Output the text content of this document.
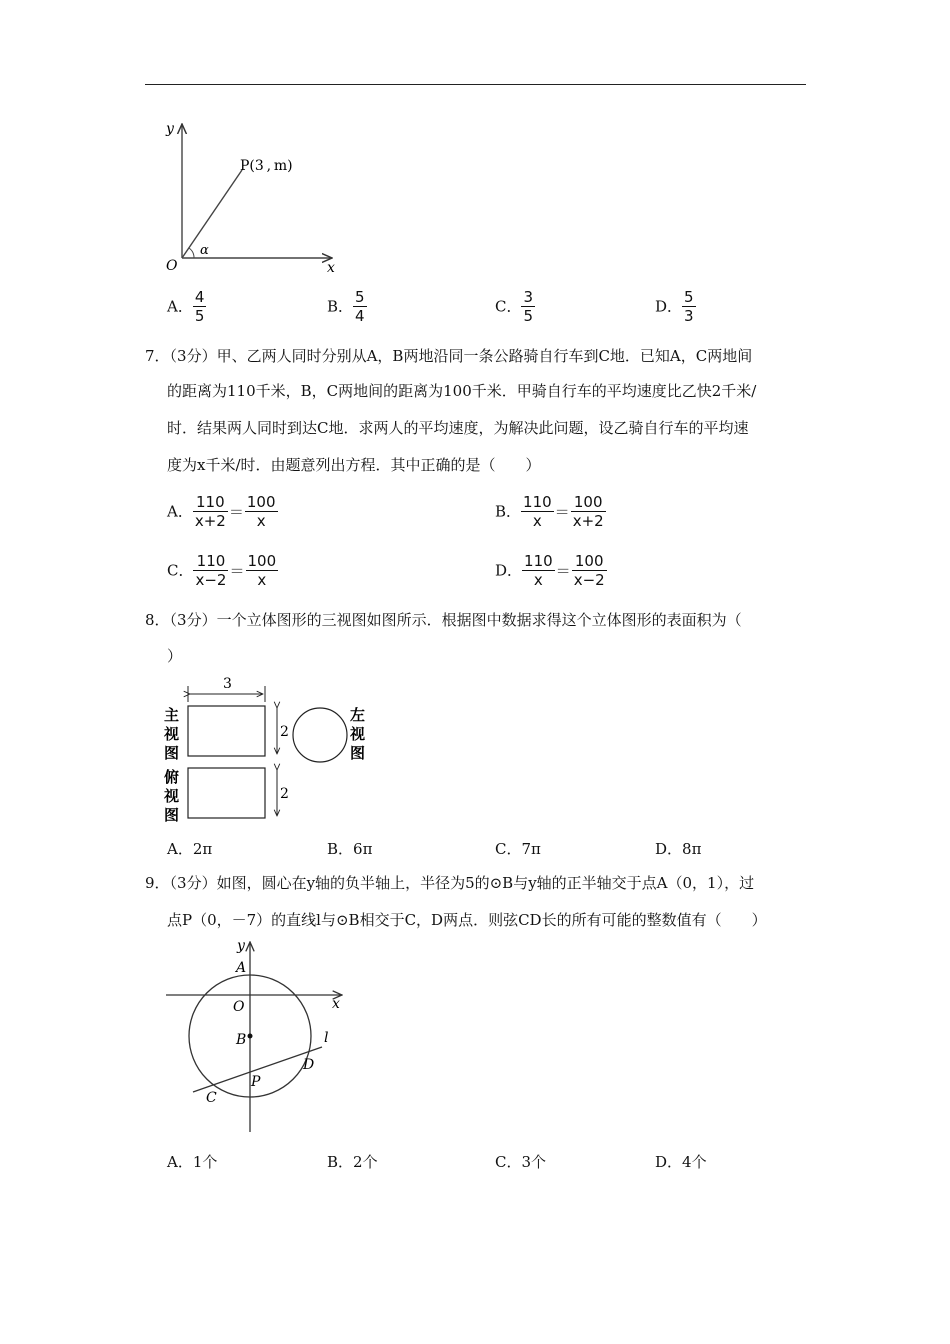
y
x
O
P(3 , m)
α
A． $\frac{4}{5}$	B． $\frac{5}{4}$	C． $\frac{3}{5}$	D． $\frac{5}{3}$
7．（3分）甲、乙两人同时分别从A，B两地沿同一条公路骑自行车到C地．已知A，C两地间
的距离为110千米，B，C两地间的距离为100千米．甲骑自行车的平均速度比乙快2千米/
时．结果两人同时到达C地．求两人的平均速度，为解决此问题，设乙骑自行车的平均速
度为x千米/时．由题意列出方程．其中正确的是（　　）
A． $\frac{110}{x+2} = \frac{100}{x}$	B． $\frac{110}{x} = \frac{100}{x+2}$
C． $\frac{110}{x-2} = \frac{100}{x}$	D． $\frac{110}{x} = \frac{100}{x-2}$
8．（3分）一个立体图形的三视图如图所示．根据图中数据求得这个立体图形的表面积为（
）
3
2
2
主
视
图
左
视
图
俯
视
图
A．2π	B．6π	C．7π	D．8π
9．（3分）如图，圆心在y轴的负半轴上，半径为5的⊙B与y轴的正半轴交于点A（0，1），过
点P（0，－7）的直线l与⊙B相交于C，D两点．则弦CD长的所有可能的整数值有（　　）
y
x
A
O
B	l
D
P
C
A．1个	B．2个	C．3个	D．4个
